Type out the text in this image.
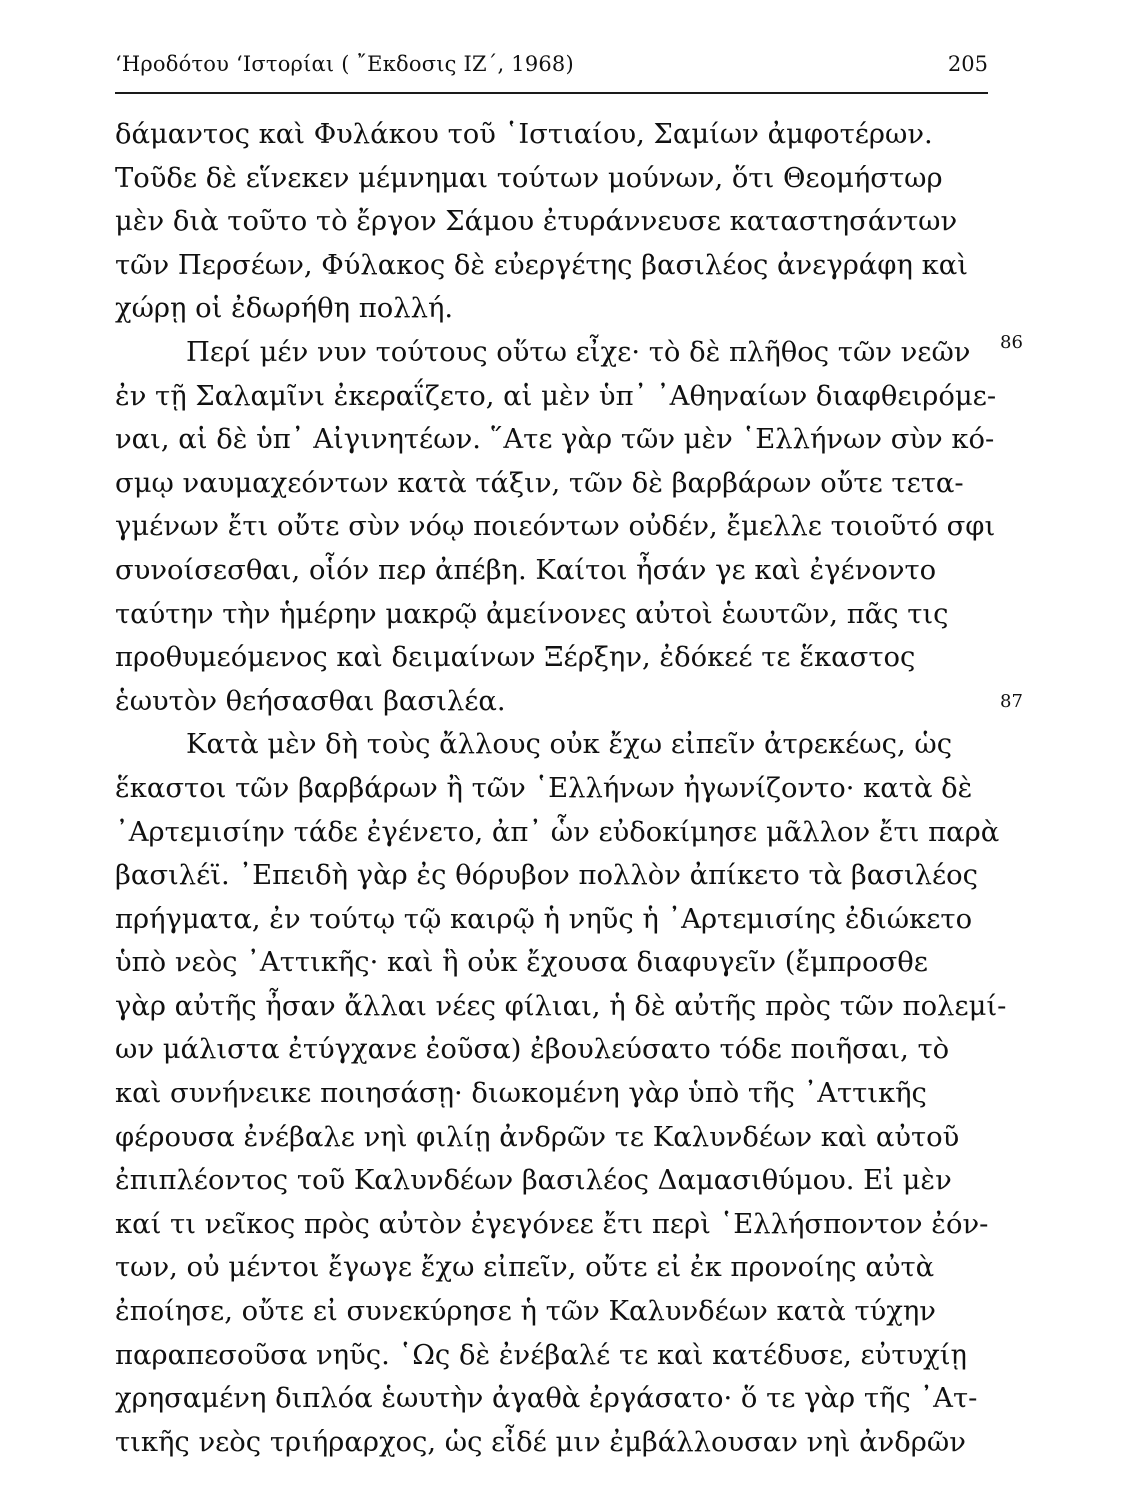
‘Ηροδότου ‘Ιστορίαι ( ῎Εκδοσις ΙΖ΄, 1968)	205
δάμαντος καὶ Φυλάκου τοῦ ῾Ιστιαίου, Σαμίων ἀμφοτέρων.
Τοῦδε δὲ εἵνεκεν μέμνημαι τούτων μούνων, ὅτι Θεομήστωρ
μὲν διὰ τοῦτο τὸ ἔργον Σάμου ἐτυράννευσε καταστησάντων
τῶν Περσέων, Φύλακος δὲ εὐεργέτης βασιλέος ἀνεγράφη καὶ
χώρῃ οἱ ἐδωρήθη πολλή.
Περί μέν νυν τούτους οὕτω εἶχε· τὸ δὲ πλῆθος τῶν νεῶν
ἐν τῇ Σαλαμῖνι ἐκεραΐζετο, αἱ μὲν ὑπ᾽ ᾽Αθηναίων διαφθειρόμε-
ναι, αἱ δὲ ὑπ᾽ Αἰγινητέων. ῞Ατε γὰρ τῶν μὲν ῾Ελλήνων σὺν κό-
σμῳ ναυμαχεόντων κατὰ τάξιν, τῶν δὲ βαρβάρων οὔτε τετα-
γμένων ἔτι οὔτε σὺν νόῳ ποιεόντων οὐδέν, ἔμελλε τοιοῦτό σφι
συνοίσεσθαι, οἷόν περ ἀπέβη. Καίτοι ἦσάν γε καὶ ἐγένοντο
ταύτην τὴν ἡμέρην μακρῷ ἀμείνονες αὐτοὶ ἑωυτῶν, πᾶς τις
προθυμεόμενος καὶ δειμαίνων Ξέρξην, ἐδόκεέ τε ἕκαστος
ἑωυτὸν θεήσασθαι βασιλέα.
Κατὰ μὲν δὴ τοὺς ἄλλους οὐκ ἔχω εἰπεῖν ἀτρεκέως, ὡς
ἕκαστοι τῶν βαρβάρων ἢ τῶν ῾Ελλήνων ἠγωνίζοντο· κατὰ δὲ
᾽Αρτεμισίην τάδε ἐγένετο, ἀπ᾽ ὧν εὐδοκίμησε μᾶλλον ἔτι παρὰ
βασιλέϊ. ᾽Επειδὴ γὰρ ἐς θόρυβον πολλὸν ἀπίκετο τὰ βασιλέος
πρήγματα, ἐν τούτῳ τῷ καιρῷ ἡ νηῦς ἡ ᾽Αρτεμισίης ἐδιώκετο
ὑπὸ νεὸς ᾽Αττικῆς· καὶ ἣ οὐκ ἔχουσα διαφυγεῖν (ἔμπροσθε
γὰρ αὐτῆς ἦσαν ἄλλαι νέες φίλιαι, ἡ δὲ αὐτῆς πρὸς τῶν πολεμί-
ων μάλιστα ἐτύγχανε ἐοῦσα) ἐβουλεύσατο τόδε ποιῆσαι, τὸ
καὶ συνήνεικε ποιησάσῃ· διωκομένη γὰρ ὑπὸ τῆς ᾽Αττικῆς
φέρουσα ἐνέβαλε νηὶ φιλίῃ ἀνδρῶν τε Καλυνδέων καὶ αὐτοῦ
ἐπιπλέοντος τοῦ Καλυνδέων βασιλέος Δαμασιθύμου. Εἰ μὲν
καί τι νεῖκος πρὸς αὐτὸν ἐγεγόνεε ἔτι περὶ ῾Ελλήσποντον ἐόν-
των, οὐ μέντοι ἔγωγε ἔχω εἰπεῖν, οὔτε εἰ ἐκ προνοίης αὐτὰ
ἐποίησε, οὔτε εἰ συνεκύρησε ἡ τῶν Καλυνδέων κατὰ τύχην
παραπεσοῦσα νηῦς. ῾Ως δὲ ἐνέβαλέ τε καὶ κατέδυσε, εὐτυχίῃ
χρησαμένη διπλόα ἑωυτὴν ἀγαθὰ ἐργάσατο· ὅ τε γὰρ τῆς ᾽Ατ-
τικῆς νεὸς τριήραρχος, ὡς εἶδέ μιν ἐμβάλλουσαν νηὶ ἀνδρῶν
86
87
